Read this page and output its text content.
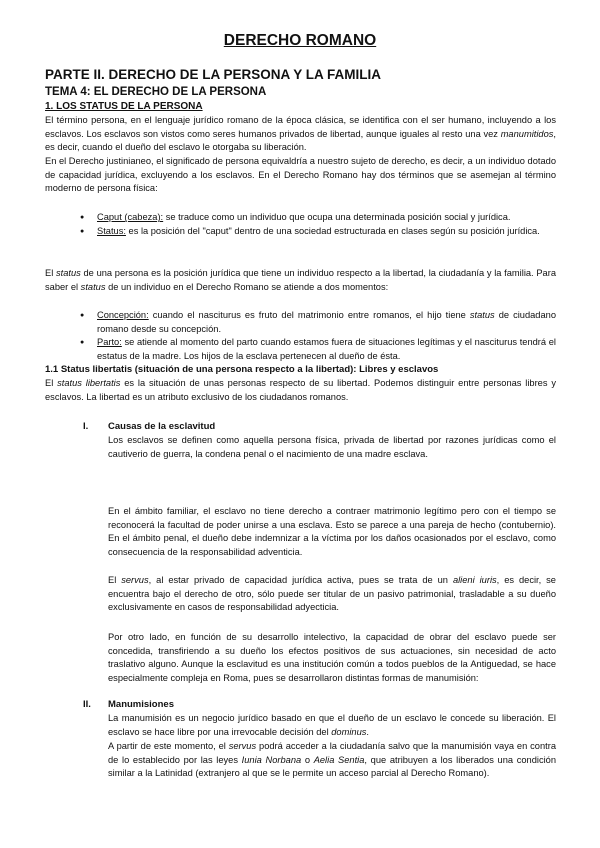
DERECHO ROMANO
PARTE II. DERECHO DE LA PERSONA Y LA FAMILIA
TEMA 4: EL DERECHO DE LA PERSONA
1. LOS STATUS DE LA PERSONA

El término persona, en el lenguaje jurídico romano de la época clásica, se identifica con el ser humano, incluyendo a los esclavos. Los esclavos son vistos como seres humanos privados de libertad, aunque iguales al resto una vez manumitidos, es decir, cuando el dueño del esclavo le otorgaba su liberación.

En el Derecho justinianeo, el significado de persona equivaldría a nuestro sujeto de derecho, es decir, a un individuo dotado de capacidad jurídica, excluyendo a los esclavos. En el Derecho Romano hay dos términos que se asemejan al término moderno de persona física:

● Caput (cabeza): se traduce como un individuo que ocupa una determinada posición social y jurídica.
● Status: es la posición del "caput" dentro de una sociedad estructurada en clases según su posición jurídica.

El status de una persona es la posición jurídica que tiene un individuo respecto a la libertad, la ciudadanía y la familia. Para saber el status de un individuo en el Derecho Romano se atiende a dos momentos:

● Concepción: cuando el nasciturus es fruto del matrimonio entre romanos, el hijo tiene status de ciudadano romano desde su concepción.
● Parto: se atiende al momento del parto cuando estamos fuera de situaciones legítimas y el nasciturus tendrá el estatus de la madre. Los hijos de la esclava pertenecen al dueño de ésta.
1.1 Status libertatis (situación de una persona respecto a la libertad): Libres y esclavos

El status libertatis es la situación de unas personas respecto de su libertad. Podemos distinguir entre personas libres y esclavos. La libertad es un atributo exclusivo de los ciudadanos romanos.

I. Causas de la esclavitud

Los esclavos se definen como aquella persona física, privada de libertad por razones jurídicas como el cautiverio de guerra, la condena penal o el nacimiento de una madre esclava.

En el ámbito familiar, el esclavo no tiene derecho a contraer matrimonio legítimo pero con el tiempo se reconocerá la facultad de poder unirse a una esclava. Esto se parece a una pareja de hecho (contubernio). En el ámbito penal, el dueño debe indemnizar a la víctima por los daños ocasionados por el esclavo, como consecuencia de la responsabilidad adventicia.

El servus, al estar privado de capacidad jurídica activa, pues se trata de un alieni iuris, es decir, se encuentra bajo el derecho de otro, sólo puede ser titular de un pasivo patrimonial, trasladable a su dueño exclusivamente en casos de responsabilidad adyecticia.

Por otro lado, en función de su desarrollo intelectivo, la capacidad de obrar del esclavo puede ser concedida, transfiriendo a su dueño los efectos positivos de sus actuaciones, sin necesidad de acto traslativo alguno. Aunque la esclavitud es una institución común a todos pueblos de la Antiguedad, se hace especialmente compleja en Roma, pues se desarrollaron distintas formas de manumisión:

II. Manumisiones

La manumisión es un negocio jurídico basado en que el dueño de un esclavo le concede su liberación. El esclavo se hace libre por una irrevocable decisión del dominus.

A partir de este momento, el servus podrá acceder a la ciudadanía salvo que la manumisión vaya en contra de lo establecido por las leyes Iunia Norbana o Aelia Sentia, que atribuyen a los liberados una condición similar a la Latinidad (extranjero al que se le permite un acceso parcial al Derecho Romano).
